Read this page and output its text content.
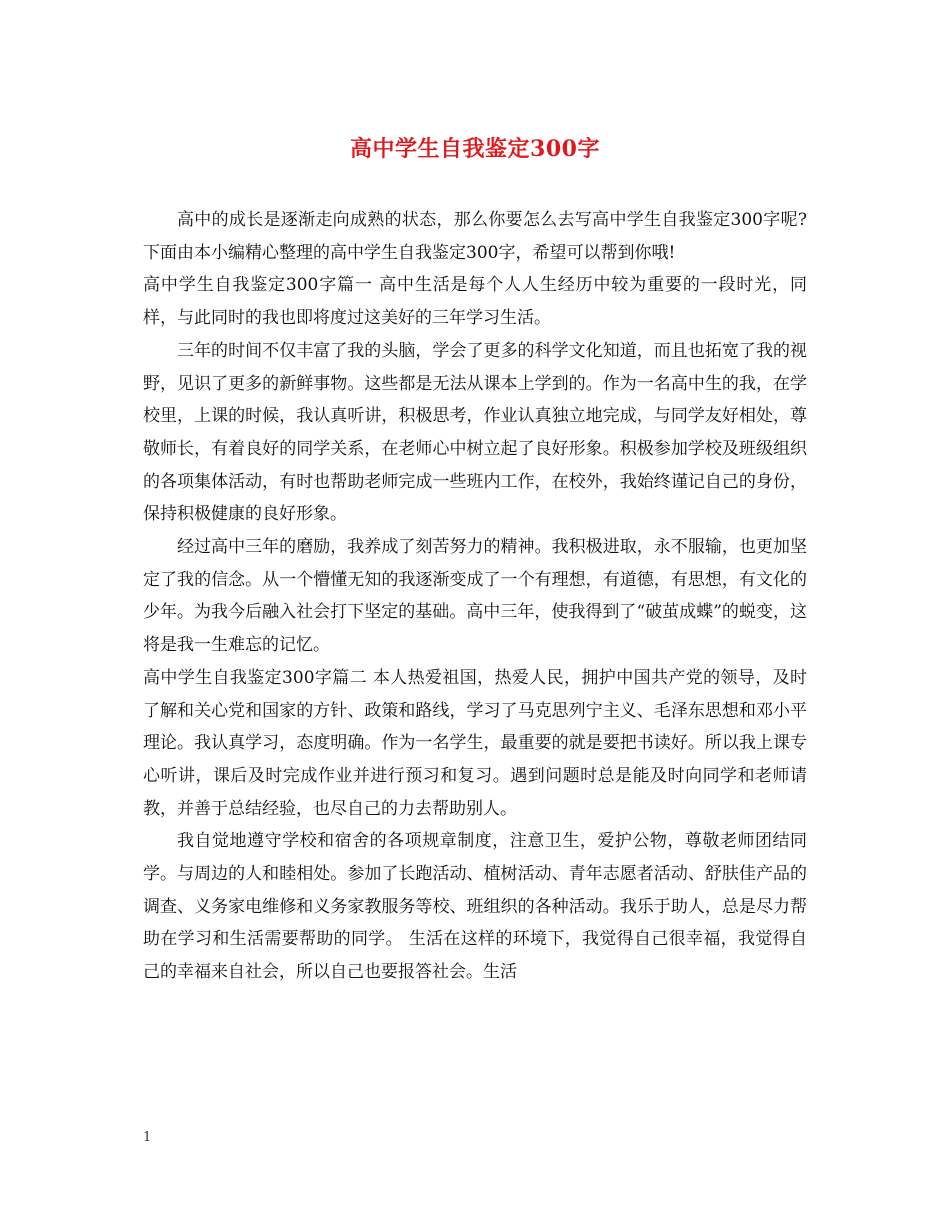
高中学生自我鉴定300字

高中的成长是逐渐走向成熟的状态，那么你要怎么去写高中学生自我鉴定300字呢?下面由本小编精心整理的高中学生自我鉴定300字，希望可以帮到你哦!

高中学生自我鉴定300字篇一 高中生活是每个人人生经历中较为重要的一段时光，同样，与此同时的我也即将度过这美好的三年学习生活。

三年的时间不仅丰富了我的头脑，学会了更多的科学文化知道，而且也拓宽了我的视野，见识了更多的新鲜事物。这些都是无法从课本上学到的。作为一名高中生的我，在学校里，上课的时候，我认真听讲，积极思考，作业认真独立地完成，与同学友好相处，尊敬师长，有着良好的同学关系，在老师心中树立起了良好形象。积极参加学校及班级组织的各项集体活动，有时也帮助老师完成一些班内工作，在校外，我始终谨记自己的身份，保持积极健康的良好形象。

经过高中三年的磨励，我养成了刻苦努力的精神。我积极进取，永不服输，也更加坚定了我的信念。从一个懵懂无知的我逐渐变成了一个有理想，有道德，有思想，有文化的少年。为我今后融入社会打下坚定的基础。高中三年，使我得到了“破茧成蝶”的蜕变，这将是我一生难忘的记忆。

高中学生自我鉴定300字篇二 本人热爱祖国，热爱人民，拥护中国共产党的领导，及时了解和关心党和国家的方针、政策和路线，学习了马克思列宁主义、毛泽东思想和邓小平理论。我认真学习，态度明确。作为一名学生，最重要的就是要把书读好。所以我上课专心听讲，课后及时完成作业并进行预习和复习。遇到问题时总是能及时向同学和老师请教，并善于总结经验，也尽自己的力去帮助别人。

我自觉地遵守学校和宿舍的各项规章制度，注意卫生，爱护公物，尊敬老师团结同学。与周边的人和睦相处。参加了长跑活动、植树活动、青年志愿者活动、舒肤佳产品的调查、义务家电维修和义务家教服务等校、班组织的各种活动。我乐于助人，总是尽力帮助在学习和生活需要帮助的同学。 生活在这样的环境下，我觉得自己很幸福，我觉得自己的幸福来自社会，所以自己也要报答社会。生活

1
